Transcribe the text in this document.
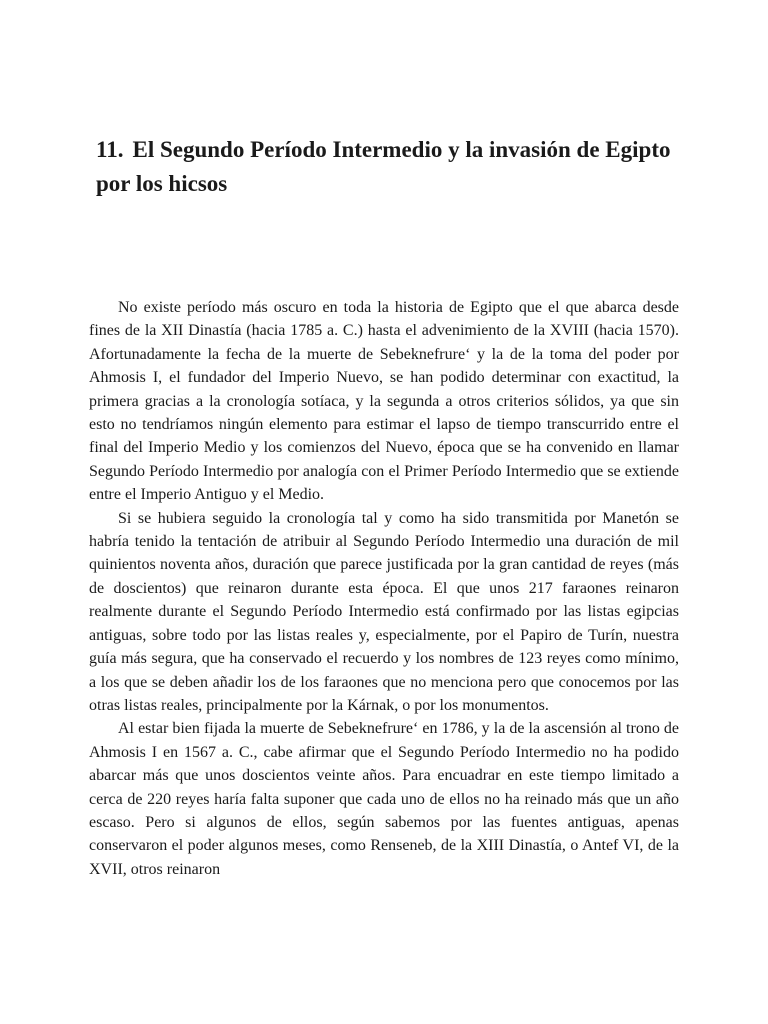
11. El Segundo Período Intermedio y la invasión de Egipto por los hicsos

No existe período más oscuro en toda la historia de Egipto que el que abarca desde fines de la XII Dinastía (hacia 1785 a. C.) hasta el advenimiento de la XVIII (hacia 1570). Afortunadamente la fecha de la muerte de Sebeknefrure‘ y la de la toma del poder por Ahmosis I, el fundador del Imperio Nuevo, se han podido determinar con exactitud, la primera gracias a la cronología sotíaca, y la segunda a otros criterios sólidos, ya que sin esto no tendríamos ningún elemento para estimar el lapso de tiempo transcurrido entre el final del Imperio Medio y los comienzos del Nuevo, época que se ha convenido en llamar Segundo Período Intermedio por analogía con el Primer Período Intermedio que se extiende entre el Imperio Antiguo y el Medio.

Si se hubiera seguido la cronología tal y como ha sido transmitida por Manetón se habría tenido la tentación de atribuir al Segundo Período Intermedio una duración de mil quinientos noventa años, duración que parece justificada por la gran cantidad de reyes (más de doscientos) que reinaron durante esta época. El que unos 217 faraones reinaron realmente durante el Segundo Período Intermedio está confirmado por las listas egipcias antiguas, sobre todo por las listas reales y, especialmente, por el Papiro de Turín, nuestra guía más segura, que ha conservado el recuerdo y los nombres de 123 reyes como mínimo, a los que se deben añadir los de los faraones que no menciona pero que conocemos por las otras listas reales, principalmente por la Kárnak, o por los monumentos.

Al estar bien fijada la muerte de Sebeknefrure‘ en 1786, y la de la ascensión al trono de Ahmosis I en 1567 a. C., cabe afirmar que el Segundo Período Intermedio no ha podido abarcar más que unos doscientos veinte años. Para encuadrar en este tiempo limitado a cerca de 220 reyes haría falta suponer que cada uno de ellos no ha reinado más que un año escaso. Pero si algunos de ellos, según sabemos por las fuentes antiguas, apenas conservaron el poder algunos meses, como Renseneb, de la XIII Dinastía, o Antef VI, de la XVII, otros reinaron
